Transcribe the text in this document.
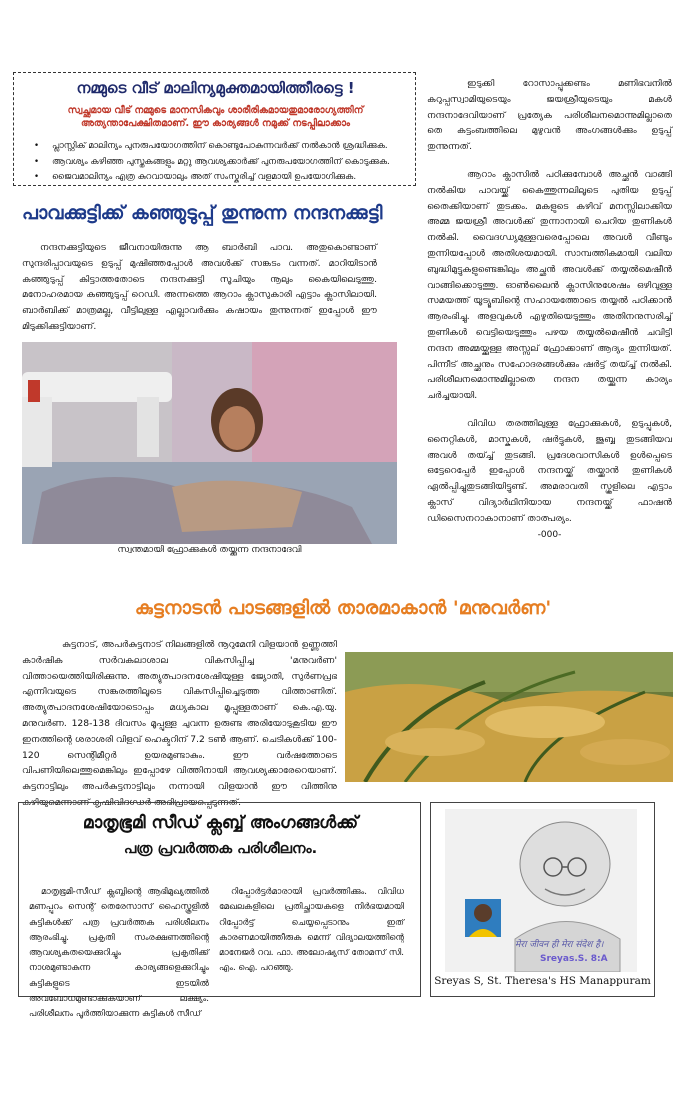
നമ്മുടെ വീട് മാലിന്യമുക്തമായിത്തീരട്ടെ !
സ്വച്ഛമായ വീട് നമ്മുടെ മാനസികവും ശാരീരികമായതുമാരോഗ്യത്തിന് അത്യന്താപേക്ഷിതമാണ്. ഈ കാര്യങ്ങൾ നമുക്ക് നടപ്പിലാക്കാം
• പ്ലാസ്റ്റിക് മാലിന്യം പുനരുപയോഗത്തിന് കൊണ്ടുപോകുന്നവർക്ക് നൽകാൻ ശ്രദ്ധിക്കുക.
• ആവശ്യം കഴിഞ്ഞ പുസ്തകങ്ങളും മറ്റു ആവശ്യക്കാർക്ക് പുനരുപയോഗത്തിന് കൊടുക്കുക.
• ജൈവമാലിന്യം എത്ര കുറവായാലും അത് സംസ്കരിച്ച് വളമായി ഉപയോഗിക്കുക.
പാവക്കുട്ടിക്ക് കഞ്ഞുടുപ്പ് തുന്നുന്ന നന്ദനക്കുട്ടി

നന്ദനക്കുട്ടിയുടെ ജീവനായിരുന്നു ആ ബാർബി പാവ. അതുകൊണ്ടാണ് സുന്ദരിപ്പാവയുടെ ഉടുപ്പ് മുഷിഞ്ഞപ്പോൾ അവൾക്ക് സങ്കടം വന്നത്. മാറിയിടാൻ കഞ്ഞുടുപ്പ് കിട്ടാത്തതോടെ നന്ദനക്കുട്ടി സൂചിയും നൂലും കൈയിലെടുത്തു. മനോഹരമായ കഞ്ഞുടുപ്പ് റെഡി. അന്നത്തെ ആറാം ക്ലാസുകാരി എട്ടാം ക്ലാസിലായി. ബാർബിക്ക് മാത്രമല്ല, വീട്ടിലുള്ള എല്ലാവർക്കും കഷായം തുന്നുന്നത് ഇപ്പോൾ ഈ മിടുക്കിക്കുട്ടിയാണ്.

സ്വന്തമായി ഫ്രോക്കുകൾ തയ്ക്കുന്ന നന്ദനാദേവി

ഇടുക്കി റോസാപ്പൂക്കണ്ടം മണിഭവനിൽ കറുപ്പസ്വാമിയുടെയും ജയശ്രീയുടെയും മകൾ നന്ദനാദേവിയാണ് പ്രത്യേക പരിശീലനമൊന്നുമില്ലാതെ തെ കട്ടംബത്തിലെ മുഴുവൻ അംഗങ്ങൾക്കും ഉടുപ്പ് തുന്നുന്നത്.

ആറാം ക്ലാസിൽ പഠിക്കുമ്പോൾ അച്ഛൻ വാങ്ങി നൽകിയ പാവയ്ക്ക് കൈത്തുന്നലിലൂടെ പുതിയ ഉടുപ്പ് തൈക്കിയാണ് തുടക്കം. മകളുടെ കഴിവ് മനസ്സിലാക്കിയ അമ്മ ജയശ്രീ അവൾക്ക് തുന്നാനായി ചെറിയ തുണികൾ നൽകി. വൈദഗ്ധ്യമുള്ളവരെപ്പോലെ അവൾ വീണ്ടും തുന്നിയപ്പോൾ അതിശയമായി. സാമ്പത്തികമായി വലിയ ബുദ്ധിമുട്ടുകളുണ്ടെങ്കിലും അച്ഛൻ അവൾക്ക് തയ്യൽമെഷീൻ വാങ്ങിക്കൊടുത്തു. ഓൺലൈൻ ക്ലാസിനുശേഷം ഒഴിവുള്ള സമയത്ത് യൂട്യൂബിന്റെ സഹായത്തോടെ തയ്യൽ പഠിക്കാൻ ആരംഭിച്ചു. അളവുകൾ എഴുതിയെടുത്തും അതിനനുസരിച്ച് തുണികൾ വെട്ടിയെടുത്തും പഴയ തയ്യൽമെഷീൻ ചവിട്ടി നന്ദന അമ്മയ്ക്കുള്ള അസ്സല് ഫ്രോക്കാണ് ആദ്യം തുന്നിയത്. പിന്നീട് അച്ഛനും സഹോദരങ്ങൾക്കും ഷർട്ട് തയ്ച്ച് നൽകി. പരിശീലനമൊന്നുമില്ലാതെ നന്ദന തയ്ക്കുന്ന കാര്യം ചർച്ചയായി.

വിവിധ തരത്തിലുള്ള ഫ്രോക്കുകൾ, ഉടുപ്പുകൾ, നൈറ്റികൾ, മാസ്കുകൾ, ഷർട്ടുകൾ, ജുബ്ബ തുടങ്ങിയവ അവൾ തയ്ച്ച് തുടങ്ങി. പ്രദേശവാസികൾ ഉൾപ്പെടെ ഒട്ടേറെപ്പേർ ഇപ്പോൾ നന്ദനയ്ക്ക് തയ്ക്കാൻ തുണികൾ ഏൽപ്പിച്ചുതുടങ്ങിയിട്ടുണ്ട്. അമരാവതി സ്കൂളിലെ എട്ടാം ക്ലാസ് വിദ്യാർഥിനിയായ നന്ദനയ്ക്ക് ഫാഷൻ ഡിസൈനറാകാനാണ് താത്പര്യം.

-000-
കുട്ടനാടൻ പാടങ്ങളിൽ താരമാകാൻ 'മനുവർണ'

കുട്ടനാട്, അപർകുട്ടനാട് നിലങ്ങളിൽ നൂറുമേനി വിളയാൻ ഉണ്ണത്തി കാർഷിക സർവകലാശാല വികസിപ്പിച്ച 'മനുവർണ' വിത്തായെത്തിയിരിക്കുന്നു. അത്യുത്പാദനശേഷിയുള്ള ജ്യോതി, സുർണപ്രഭ എന്നിവയുടെ സങ്കരത്തിലൂടെ വികസിപ്പിച്ചെടുത്ത വിത്താണിത്. അത്യുത്പാദനശേഷിയോടൊപ്പം മധ്യകാല മൂപ്പുള്ളതാണ് കെ.എ.യു. മനുവർണ. 128-138 ദിവസം മൂപ്പുള്ള ചുവന്ന ഉരുണ്ട അരിയോടുകൂടിയ ഈ ഇനത്തിന്റെ ശരാശരി വിളവ് ഹെക്ടറിന് 7.2 ടൺ ആണ്. ചെടികൾക്ക് 100-120 സെന്റിമീറ്റർ ഉയരമുണ്ടാകും. ഈ വർഷത്തോടെ വിപണിയിലെത്തുമെങ്കിലും ഇപ്പോഴേ വിത്തിനായി ആവശ്യക്കാരേറെയാണ്. കുട്ടനാട്ടിലും അപർകുട്ടനാട്ടിലും നന്നായി വിളയാൻ ഈ വിത്തിനു കഴിയുമെന്നാണ് കൃഷിവിദഗ്ധർ അഭിപ്രായപ്പെടുന്നത്.

മാതൃഭൂമി സീഡ് ക്ലബ്ബ് അംഗങ്ങൾക്ക്
പത്ര പ്രവർത്തക പരിശീലനം.

മാതൃഭൂമി-സീഡ് ക്ലബ്ബിന്റെ ആഭിമുഖ്യത്തിൽ മണപ്പുറം സെന്റ് തെരേസാസ് ഹൈസ്കൂളിൽ കുട്ടികൾക്ക് പത്ര പ്രവർത്തക പരിശീലനം ആരംഭിച്ചു. പ്രകൃതി സംരക്ഷണത്തിന്റെ ആവശ്യകതയെക്കുറിച്ചും പ്രകൃതിക്ക് നാശമുണ്ടാകുന്ന കാര്യങ്ങളെക്കുറിച്ചും കുട്ടികളുടെ ഇടയിൽ അവബോധമുണ്ടാക്കുകയാണ് ലക്ഷ്യം. പരിശീലനം പൂർത്തിയാക്കുന്ന കുട്ടികൾ സീഡ്

റിപ്പോർട്ടർമാരായി പ്രവർത്തിക്കും. വിവിധ മേഖലകളിലെ പ്രതിച്ഛായകളെ നിർഭയമായി റിപ്പോർട്ട് ചെയ്യപ്പെടാനും ഇത് കാരണമായിത്തീരുക മെന്ന് വിദ്യാലയത്തിന്റെ മാനേജർ റവ. ഫാ. അലോഷ്യസ് തോമസ് സി. എം. ഐ. പറഞ്ഞു.

मेरा जीवन ही मेरा संदेश है।
Sreyas.S. 8:A
Sreyas S, St. Theresa's HS Manappuram
